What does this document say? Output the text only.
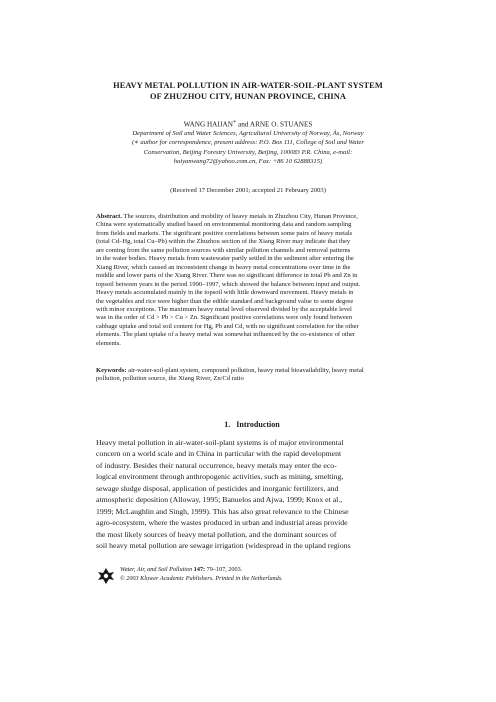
HEAVY METAL POLLUTION IN AIR-WATER-SOIL-PLANT SYSTEM
OF ZHUZHOU CITY, HUNAN PROVINCE, CHINA
WANG HAIJAN∗ and ARNE O. STUANES
Department of Soil and Water Sciences, Agricultural University of Norway, Ås, Norway
(∗ author for correspondence, present address: P.O. Box 111, College of Soil and Water
Conservation, Beijing Forestry University, Beijing, 100083 P.R. China, e-mail:
haiyanwang72@yahoo.com.cn, Fax: +86 10 62888315)
(Received 17 December 2001; accepted 21 February 2003)
Abstract. The sources, distribution and mobility of heavy metals in Zhuzhou City, Hunan Province,
China were systematically studied based on environmental monitoring data and random sampling
from fields and markets. The significant positive correlations between some pairs of heavy metals
(total Cd–Hg, total Cu–Pb) within the Zhuzhou section of the Xiang River may indicate that they
are coming from the same pollution sources with similar pollution channels and removal patterns
in the water bodies. Heavy metals from wastewater partly settled in the sediment after entering the
Xiang River, which caused an inconsistent change in heavy metal concentrations over time in the
middle and lower parts of the Xiang River. There was no significant difference in total Pb and Zn in
topsoil between years in the period 1990–1997, which showed the balance between input and output.
Heavy metals accumulated mainly in the topsoil with little downward movement. Heavy metals in
the vegetables and rice were higher than the edible standard and background value to some degree
with minor exceptions. The maximum heavy metal level observed divided by the acceptable level
was in the order of Cd > Pb > Cu > Zn. Significant positive correlations were only found between
cabbage uptake and total soil content for Hg, Pb and Cd, with no significant correlation for the other
elements. The plant uptake of a heavy metal was somewhat influenced by the co-existence of other
elements.
Keywords: air-water-soil-plant system, compound pollution, heavy metal bioavailability, heavy metal
pollution, pollution source, the Xiang River, Zn/Cd ratio
1. Introduction
Heavy metal pollution in air-water-soil-plant systems is of major environmental
concern on a world scale and in China in particular with the rapid development
of industry. Besides their natural occurrence, heavy metals may enter the eco-
logical environment through anthropogenic activities, such as mining, smelting,
sewage sludge disposal, application of pesticides and inorganic fertilizers, and
atmospheric deposition (Alloway, 1995; Banuelos and Ajwa, 1999; Knox et al.,
1999; McLaughlin and Singh, 1999). This has also great relevance to the Chinese
agro-ecosystem, where the wastes produced in urban and industrial areas provide
the most likely sources of heavy metal pollution, and the dominant sources of
soil heavy metal pollution are sewage irrigation (widespread in the upland regions
Water, Air, and Soil Pollution 147: 79–107, 2003.
© 2003 Kluwer Academic Publishers. Printed in the Netherlands.
